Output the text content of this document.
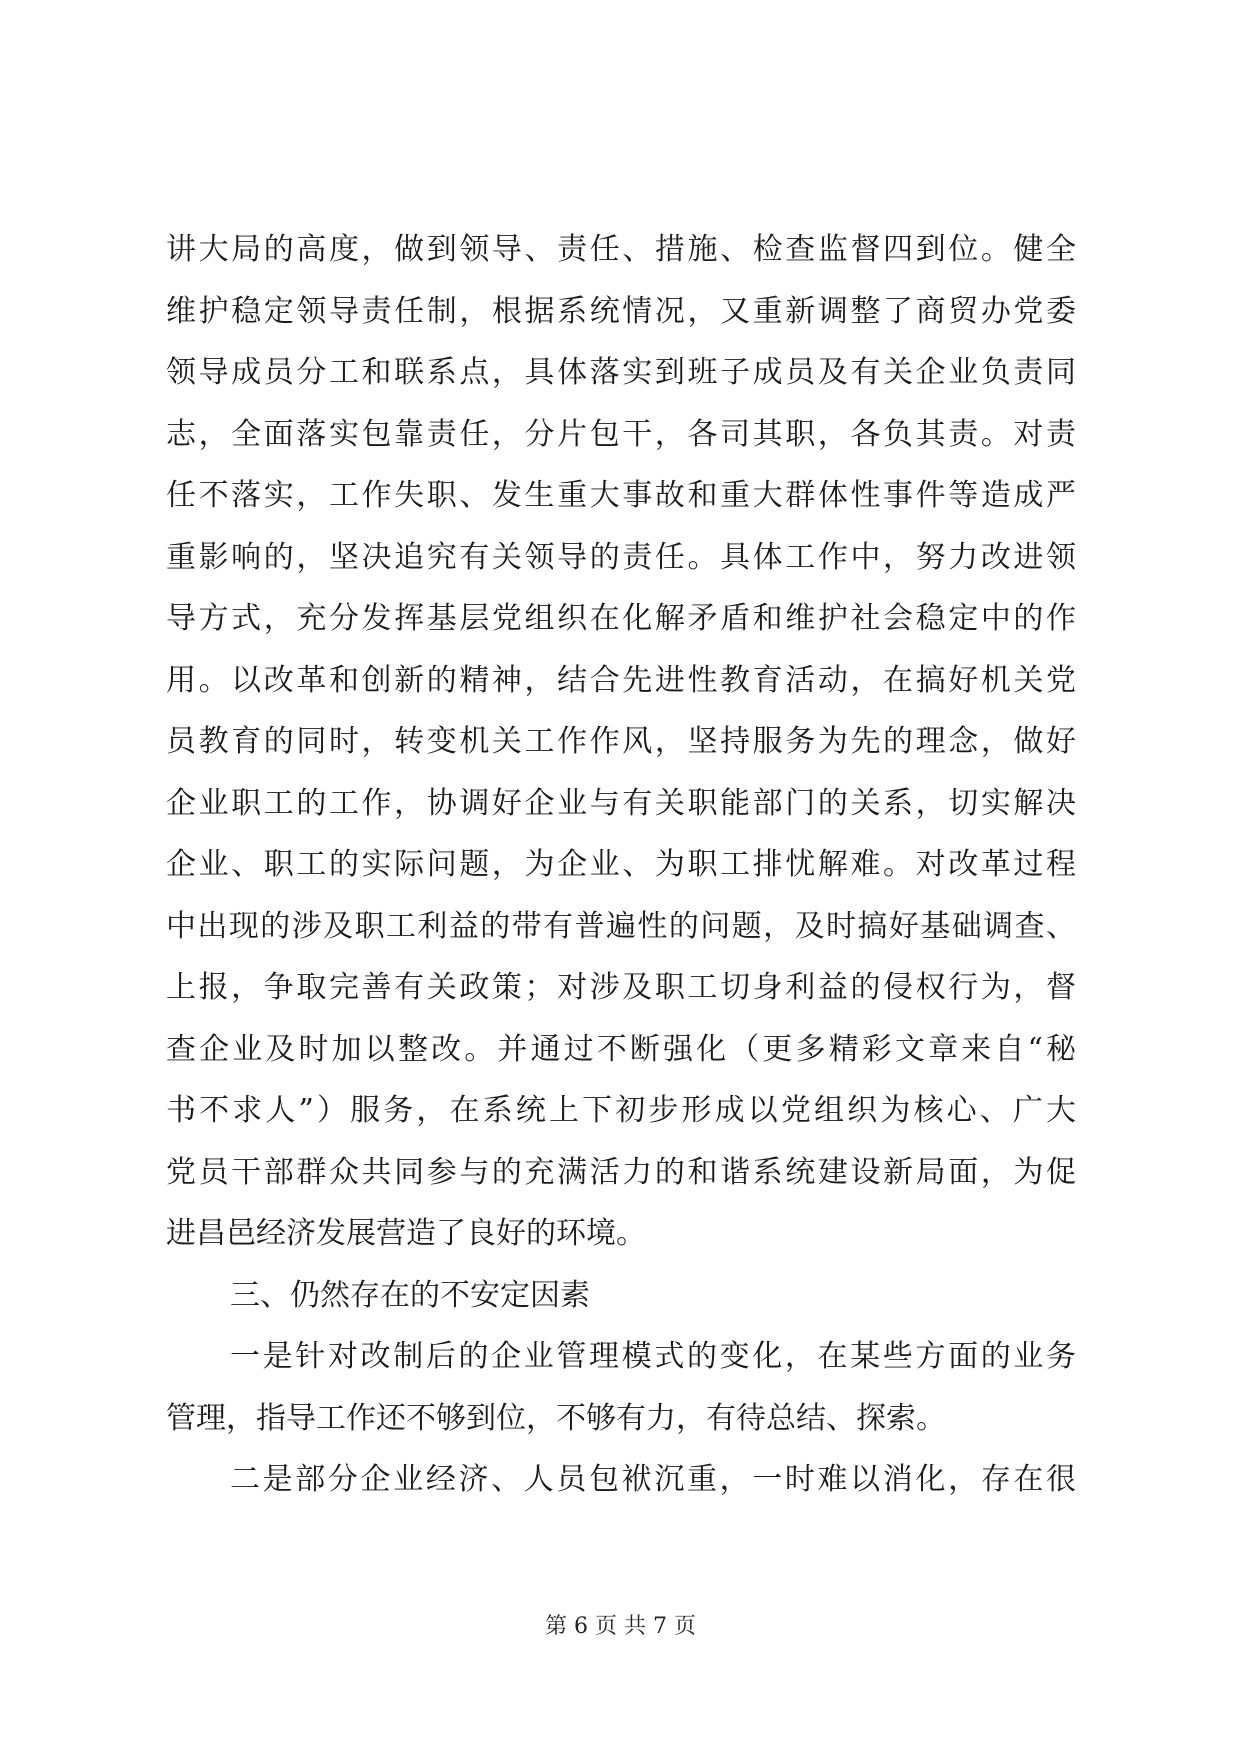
讲大局的高度，做到领导、责任、措施、检查监督四到位。健全
维护稳定领导责任制，根据系统情况，又重新调整了商贸办党委
领导成员分工和联系点，具体落实到班子成员及有关企业负责同
志，全面落实包靠责任，分片包干，各司其职，各负其责。对责
任不落实，工作失职、发生重大事故和重大群体性事件等造成严
重影响的，坚决追究有关领导的责任。具体工作中，努力改进领
导方式，充分发挥基层党组织在化解矛盾和维护社会稳定中的作
用。以改革和创新的精神，结合先进性教育活动，在搞好机关党
员教育的同时，转变机关工作作风，坚持服务为先的理念，做好
企业职工的工作，协调好企业与有关职能部门的关系，切实解决
企业、职工的实际问题，为企业、为职工排忧解难。对改革过程
中出现的涉及职工利益的带有普遍性的问题，及时搞好基础调查、
上报，争取完善有关政策；对涉及职工切身利益的侵权行为，督
查企业及时加以整改。并通过不断强化（更多精彩文章来自“秘
书不求人”）服务，在系统上下初步形成以党组织为核心、广大
党员干部群众共同参与的充满活力的和谐系统建设新局面，为促
进昌邑经济发展营造了良好的环境。
三、仍然存在的不安定因素
一是针对改制后的企业管理模式的变化，在某些方面的业务
管理，指导工作还不够到位，不够有力，有待总结、探索。
二是部分企业经济、人员包袱沉重，一时难以消化，存在很
第 6 页 共 7 页
